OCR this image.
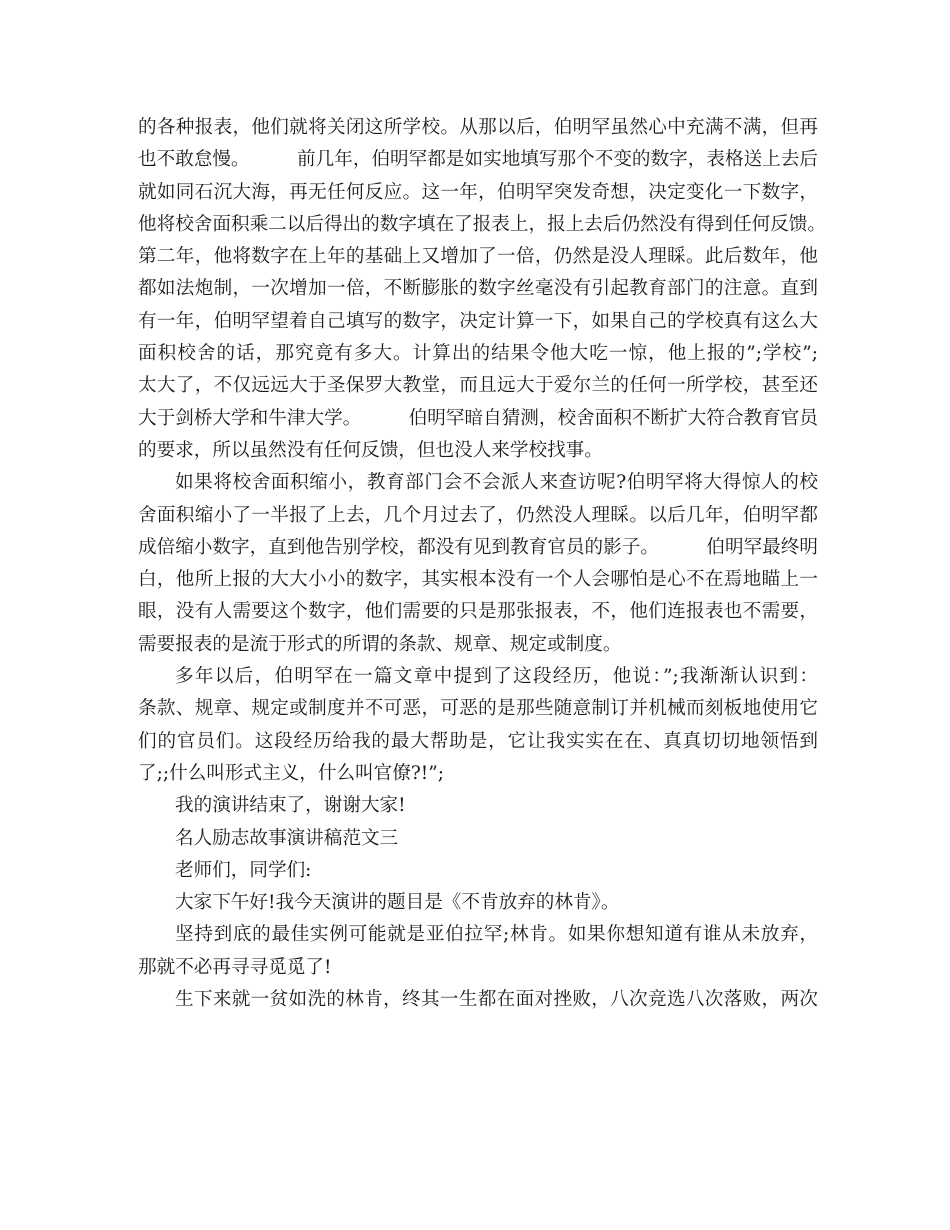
的各种报表，他们就将关闭这所学校。从那以后，伯明罕虽然心中充满不满，但再
也不敢怠慢。        前几年，伯明罕都是如实地填写那个不变的数字，表格送上去后
就如同石沉大海，再无任何反应。这一年，伯明罕突发奇想，决定变化一下数字，
他将校舍面积乘二以后得出的数字填在了报表上，报上去后仍然没有得到任何反馈。
第二年，他将数字在上年的基础上又增加了一倍，仍然是没人理睬。此后数年，他
都如法炮制，一次增加一倍，不断膨胀的数字丝毫没有引起教育部门的注意。直到
有一年，伯明罕望着自己填写的数字，决定计算一下，如果自己的学校真有这么大
面积校舍的话，那究竟有多大。计算出的结果令他大吃一惊，他上报的”;学校”;
太大了，不仅远远大于圣保罗大教堂，而且远大于爱尔兰的任何一所学校，甚至还
大于剑桥大学和牛津大学。        伯明罕暗自猜测，校舍面积不断扩大符合教育官员
的要求，所以虽然没有任何反馈，但也没人来学校找事。
如果将校舍面积缩小，教育部门会不会派人来查访呢?伯明罕将大得惊人的校
舍面积缩小了一半报了上去，几个月过去了，仍然没人理睬。以后几年，伯明罕都
成倍缩小数字，直到他告别学校，都没有见到教育官员的影子。        伯明罕最终明
白，他所上报的大大小小的数字，其实根本没有一个人会哪怕是心不在焉地瞄上一
眼，没有人需要这个数字，他们需要的只是那张报表，不，他们连报表也不需要，
需要报表的是流于形式的所谓的条款、规章、规定或制度。
多年以后，伯明罕在一篇文章中提到了这段经历，他说：”;我渐渐认识到：
条款、规章、规定或制度并不可恶，可恶的是那些随意制订并机械而刻板地使用它
们的官员们。这段经历给我的最大帮助是，它让我实实在在、真真切切地领悟到
了;;什么叫形式主义，什么叫官僚?!”;
我的演讲结束了，谢谢大家!
名人励志故事演讲稿范文三
老师们，同学们:
大家下午好!我今天演讲的题目是《不肯放弃的林肯》。
坚持到底的最佳实例可能就是亚伯拉罕;林肯。如果你想知道有谁从未放弃，
那就不必再寻寻觅觅了!
生下来就一贫如洗的林肯，终其一生都在面对挫败，八次竞选八次落败，两次
